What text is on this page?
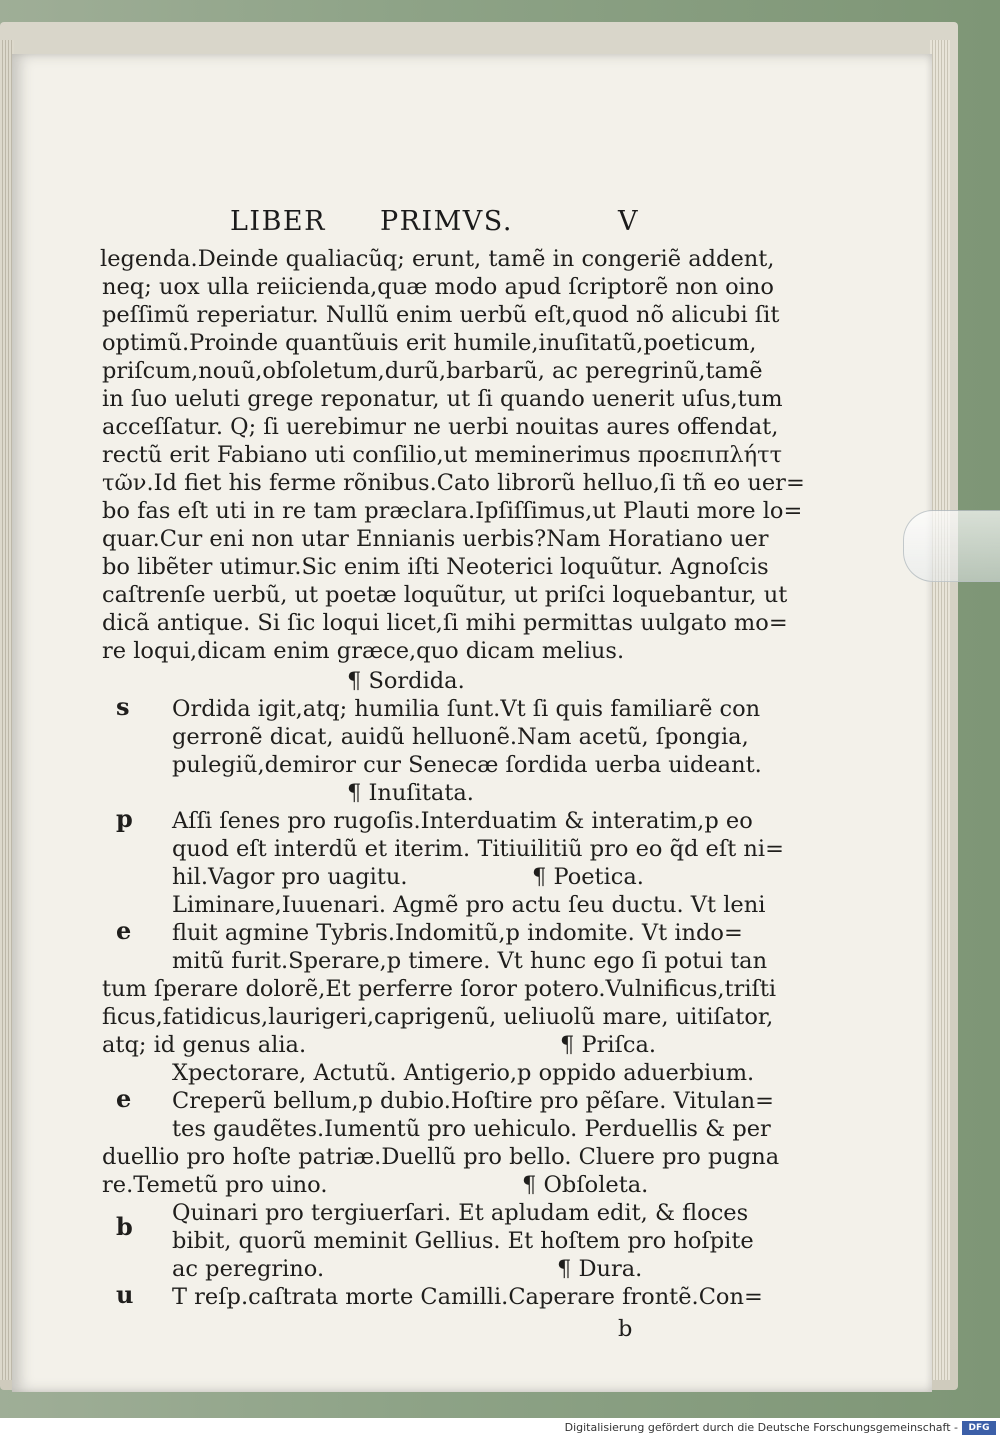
LIBER PRIMVS.	V
legenda.Deinde qualiacũq; erunt, tamẽ in congeriẽ addent,
neq; uox ulla reiicienda,quæ modo apud ſcriptorẽ non oino
peſſimũ reperiatur. Nullũ enim uerbũ eſt,quod nõ alicubi ſit
optimũ.Proinde quantũuis erit humile,inuſitatũ,poeticum,
priſcum,nouũ,obſoletum,durũ,barbarũ, ac peregrinũ,tamẽ
in ſuo ueluti grege reponatur, ut ſi quando uenerit uſus,tum
acceſſatur. Q; ſi uerebimur ne uerbi nouitas aures offendat,
rectũ erit Fabiano uti conſilio,ut meminerimus προεπιπλήττ
τῶν.Id fiet his ferme rõnibus.Cato librorũ helluo,ſi tñ eo uer=
bo fas eſt uti in re tam præclara.Ipſiſſimus,ut Plauti more lo=
quar.Cur eni non utar Ennianis uerbis?Nam Horatiano uer
bo libẽter utimur.Sic enim iſti Neoterici loquũtur. Agnoſcis
caſtrenſe uerbũ, ut poetæ loquũtur, ut priſci loquebantur, ut
dicã antique. Si ſic loqui licet,ſi mihi permittas uulgato mo=
re loqui,dicam enim græce,quo dicam melius.
¶ Sordida.
Ordida igit,atq; humilia ſunt.Vt ſi quis familiarẽ con
gerronẽ dicat, auidũ helluonẽ.Nam acetũ, ſpongia,
pulegiũ,demiror cur Senecæ ſordida uerba uideant.
¶ Inuſitata.
Aſſi ſenes pro rugoſis.Interduatim & interatim,p eo
quod eſt interdũ et iterim. Titiuilitiũ pro eo q̃d eſt ni=
hil.Vagor pro uagitu.	¶ Poetica.
Liminare,Iuuenari. Agmẽ pro actu ſeu ductu. Vt leni
fluit agmine Tybris.Indomitũ,p indomite. Vt indo=
mitũ furit.Sperare,p timere. Vt hunc ego ſi potui tan
tum ſperare dolorẽ,Et perferre ſoror potero.Vulnificus,triſti
ficus,fatidicus,laurigeri,caprigenũ, ueliuolũ mare, uitiſator,
atq; id genus alia.	¶ Priſca.
Xpectorare, Actutũ. Antigerio,p oppido aduerbium.
Creperũ bellum,p dubio.Hoſtire pro pẽſare. Vitulan=
tes gaudẽtes.Iumentũ pro uehiculo. Perduellis & per
duellio pro hoſte patriæ.Duellũ pro bello. Cluere pro pugna
re.Temetũ pro uino.	¶ Obſoleta.
Quinari pro tergiuerſari. Et apludam edit, & floces
bibit, quorũ meminit Gellius. Et hoſtem pro hoſpite
ac peregrino.	¶ Dura.
T reſp.caſtrata morte Camilli.Caperare frontẽ.Con=
b
s
p
e
e
b
u
Digitalisierung gefördert durch die Deutsche Forschungsgemeinschaft -	DFG
